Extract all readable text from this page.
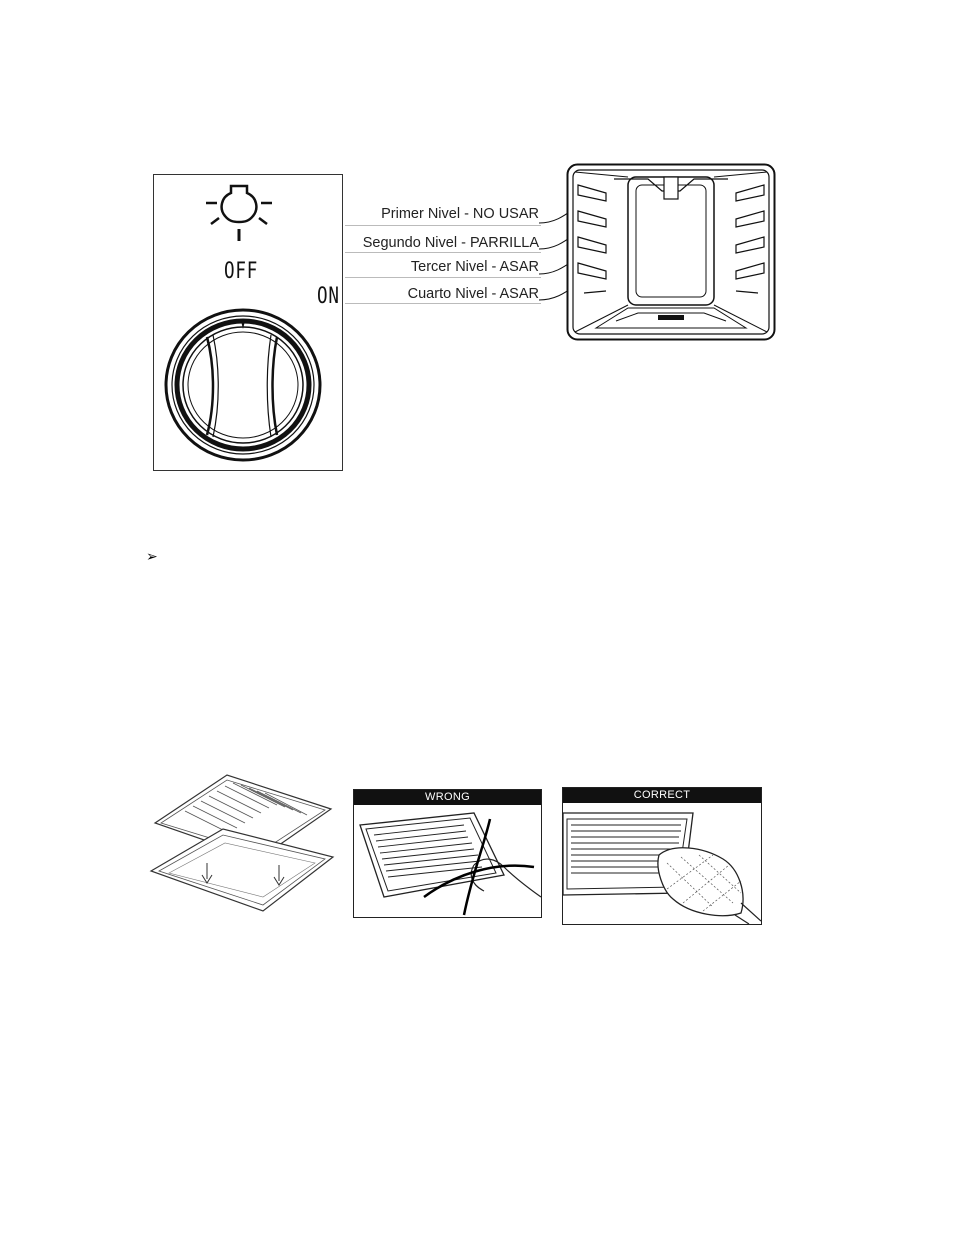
OFF
ON
Primer Nivel - NO USAR
Segundo Nivel - PARRILLA
Tercer Nivel - ASAR
Cuarto Nivel - ASAR
➢
WRONG	CORRECT
